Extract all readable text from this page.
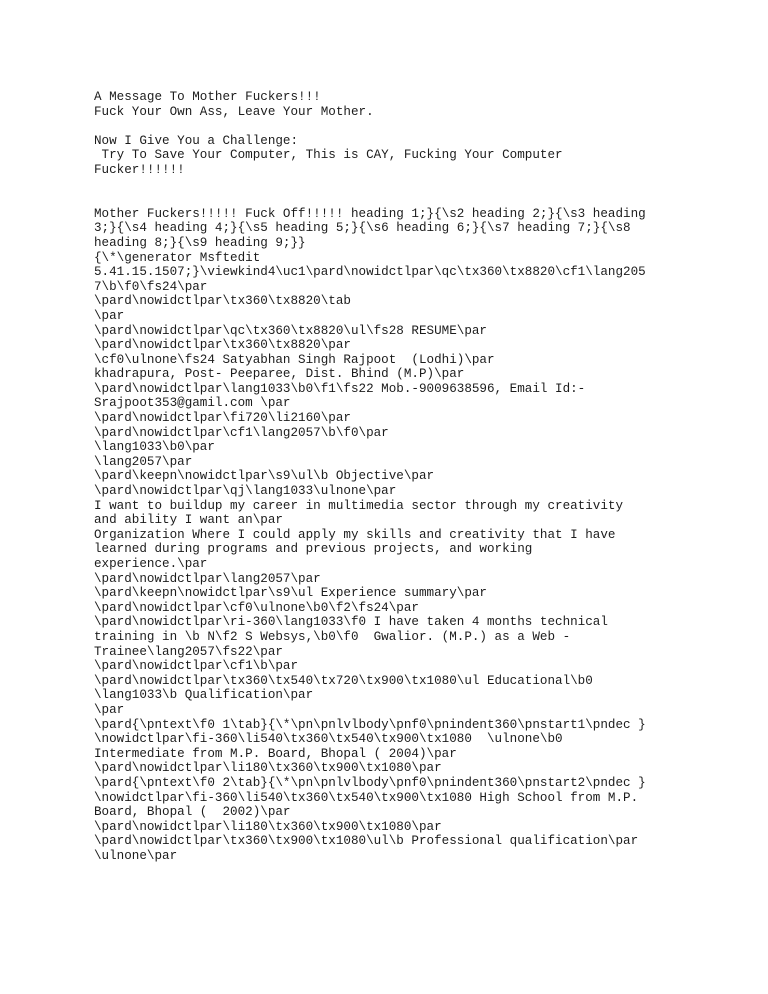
A Message To Mother Fuckers!!!
Fuck Your Own Ass, Leave Your Mother.
Now I Give You a Challenge:
Try To Save Your Computer, This is CAY, Fucking Your Computer
Fucker!!!!!!
Mother Fuckers!!!!! Fuck Off!!!!! heading 1;}{\s2 heading 2;}{\s3 heading
3;}{\s4 heading 4;}{\s5 heading 5;}{\s6 heading 6;}{\s7 heading 7;}{\s8
heading 8;}{\s9 heading 9;}}
{\*\generator Msftedit
5.41.15.1507;}\viewkind4\uc1\pard\nowidctlpar\qc\tx360\tx8820\cf1\lang205
7\b\f0\fs24\par
\pard\nowidctlpar\tx360\tx8820\tab
\par
\pard\nowidctlpar\qc\tx360\tx8820\ul\fs28 RESUME\par
\pard\nowidctlpar\tx360\tx8820\par
\cf0\ulnone\fs24 Satyabhan Singh Rajpoot  (Lodhi)\par
khadrapura, Post- Peeparee, Dist. Bhind (M.P)\par
\pard\nowidctlpar\lang1033\b0\f1\fs22 Mob.-9009638596, Email Id:-
Srajpoot353@gamil.com \par
\pard\nowidctlpar\fi720\li2160\par
\pard\nowidctlpar\cf1\lang2057\b\f0\par
\lang1033\b0\par
\lang2057\par
\pard\keepn\nowidctlpar\s9\ul\b Objective\par
\pard\nowidctlpar\qj\lang1033\ulnone\par
I want to buildup my career in multimedia sector through my creativity
and ability I want an\par
Organization Where I could apply my skills and creativity that I have
learned during programs and previous projects, and working
experience.\par
\pard\nowidctlpar\lang2057\par
\pard\keepn\nowidctlpar\s9\ul Experience summary\par
\pard\nowidctlpar\cf0\ulnone\b0\f2\fs24\par
\pard\nowidctlpar\ri-360\lang1033\f0 I have taken 4 months technical
training in \b N\f2 S Websys,\b0\f0  Gwalior. (M.P.) as a Web -
Trainee\lang2057\fs22\par
\pard\nowidctlpar\cf1\b\par
\pard\nowidctlpar\tx360\tx540\tx720\tx900\tx1080\ul Educational\b0
\lang1033\b Qualification\par
\par
\pard{\pntext\f0 1\tab}{\*\pn\pnlvlbody\pnf0\pnindent360\pnstart1\pndec }
\nowidctlpar\fi-360\li540\tx360\tx540\tx900\tx1080  \ulnone\b0
Intermediate from M.P. Board, Bhopal ( 2004)\par
\pard\nowidctlpar\li180\tx360\tx900\tx1080\par
\pard{\pntext\f0 2\tab}{\*\pn\pnlvlbody\pnf0\pnindent360\pnstart2\pndec }
\nowidctlpar\fi-360\li540\tx360\tx540\tx900\tx1080 High School from M.P.
Board, Bhopal (  2002)\par
\pard\nowidctlpar\li180\tx360\tx900\tx1080\par
\pard\nowidctlpar\tx360\tx900\tx1080\ul\b Professional qualification\par
\ulnone\par
